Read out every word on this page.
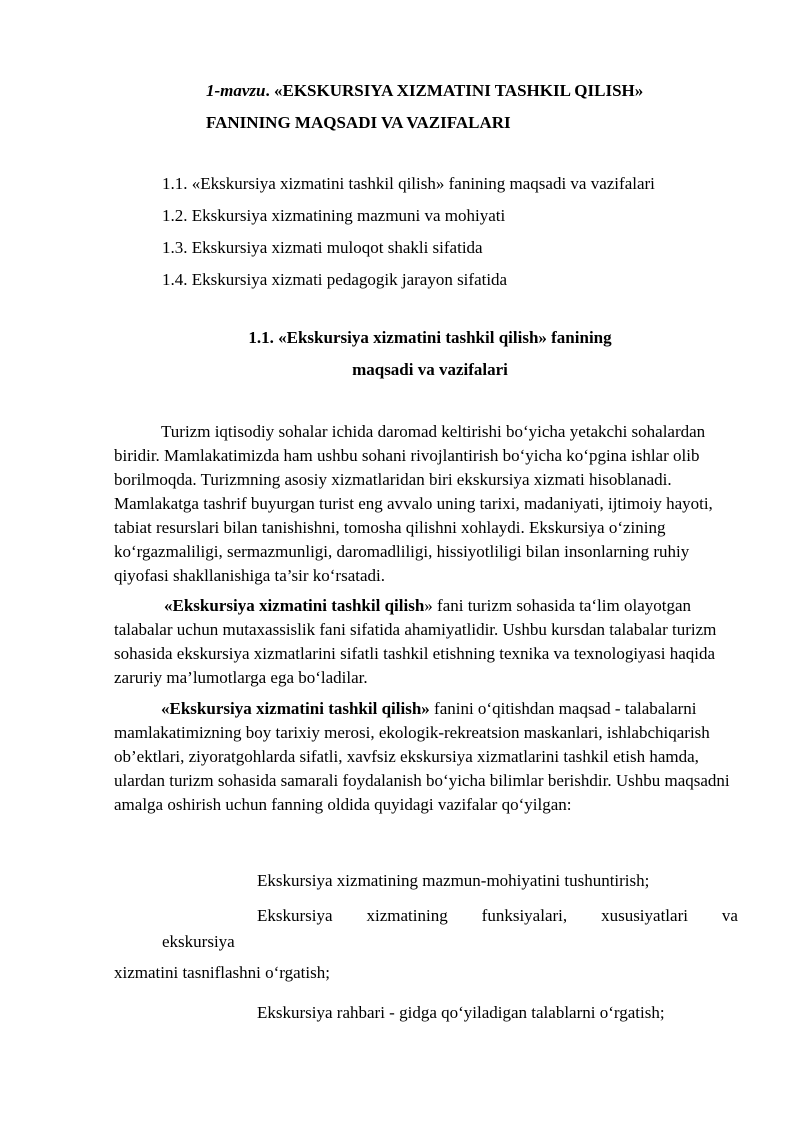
1-mavzu. «EKSKURSIYA XIZMATINI TASHKIL QILISH»
FANINING MAQSADI VA VAZIFALARI
1.1. «Ekskursiya xizmatini tashkil qilish» fanining maqsadi va vazifalari
1.2. Ekskursiya xizmatining mazmuni va mohiyati
1.3. Ekskursiya xizmati muloqot shakli sifatida
1.4. Ekskursiya xizmati pedagogik jarayon sifatida
1.1. «Ekskursiya xizmatini tashkil qilish» fanining
maqsadi va vazifalari

Turizm iqtisodiy sohalar ichida daromad keltirishi bo‘yicha yetakchi sohalardan biridir. Mamlakatimizda ham ushbu sohani rivojlantirish bo‘yicha ko‘pgina ishlar olib borilmoqda. Turizmning asosiy xizmatlaridan biri ekskursiya xizmati hisoblanadi. Mamlakatga tashrif buyurgan turist eng avvalo uning tarixi, madaniyati, ijtimoiy hayoti, tabiat resurslari bilan tanishishni, tomosha qilishni xohlaydi. Ekskursiya o‘zining ko‘rgazmaliligi, sermazmunligi, daromadliligi, hissiyotliligi bilan insonlarning ruhiy qiyofasi shakllanishiga ta’sir ko‘rsatadi.

«Ekskursiya xizmatini tashkil qilish» fani turizm sohasida ta‘lim olayotgan talabalar uchun mutaxassislik fani sifatida ahamiyatlidir. Ushbu kursdan talabalar turizm sohasida ekskursiya xizmatlarini sifatli tashkil etishning texnika va texnologiyasi haqida zaruriy ma’lumotlarga ega bo‘ladilar.

«Ekskursiya xizmatini tashkil qilish» fanini o‘qitishdan maqsad - talabalarni mamlakatimizning boy tarixiy merosi, ekologik-rekreatsion maskanlari, ishlabchiqarish ob’ektlari, ziyoratgohlarda sifatli, xavfsiz ekskursiya xizmatlarini tashkil etish hamda, ulardan turizm sohasida samarali foydalanish bo‘yicha bilimlar berishdir. Ushbu maqsadni amalga oshirish uchun fanning oldida quyidagi vazifalar qo‘yilgan:

Ekskursiya xizmatining mazmun-mohiyatini tushuntirish;
Ekskursiya xizmatining funksiyalari, xususiyatlari va
ekskursiya
xizmatini tasniflashni o‘rgatish;
Ekskursiya rahbari - gidga qo‘yiladigan talablarni o‘rgatish;
